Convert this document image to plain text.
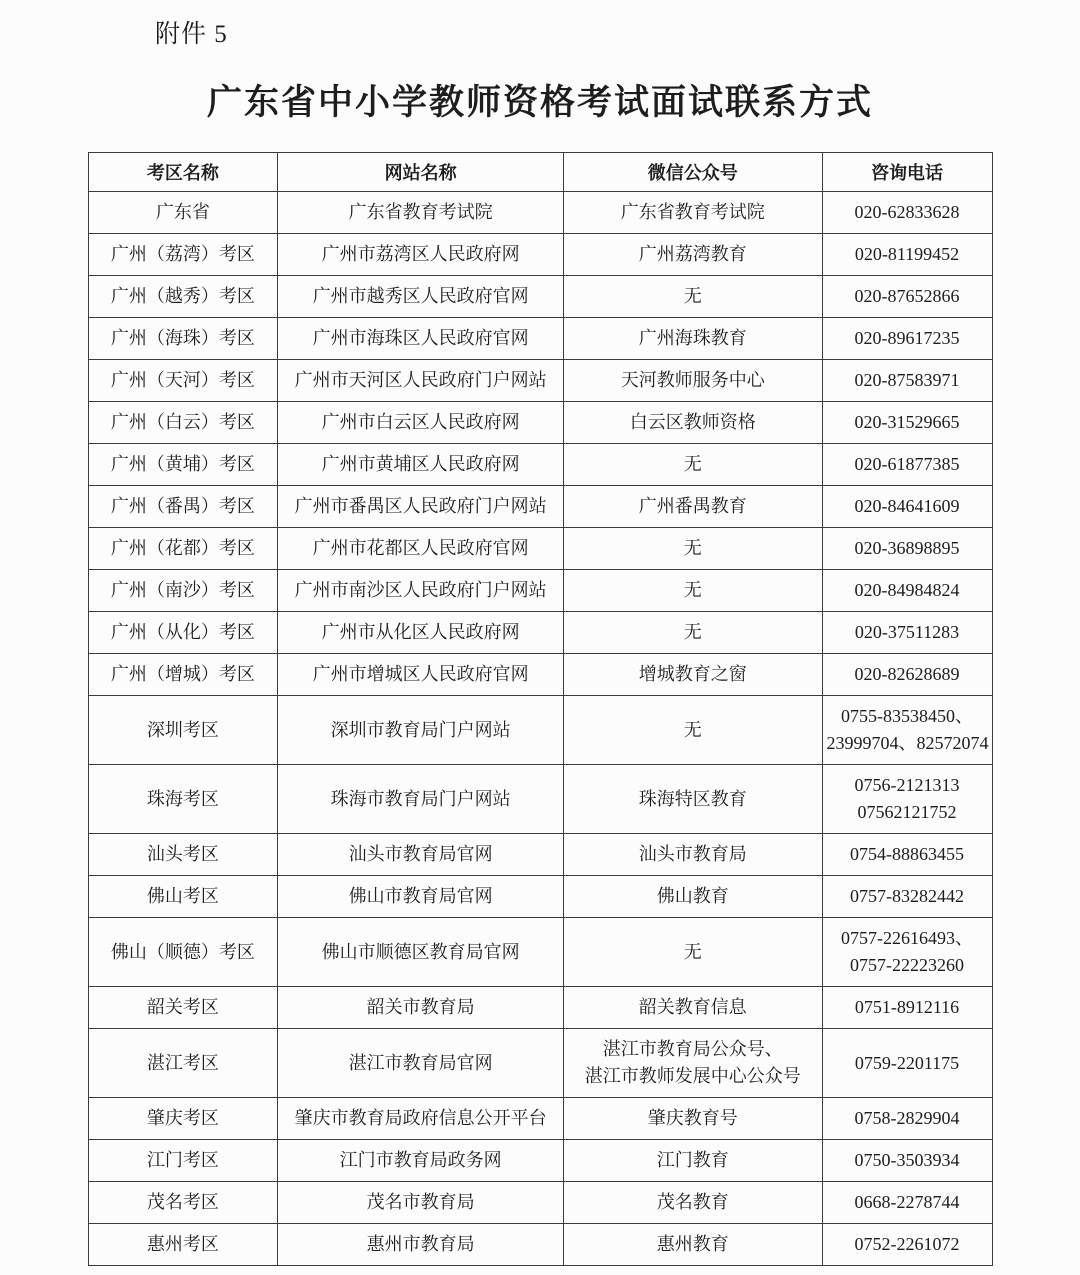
附件 5
广东省中小学教师资格考试面试联系方式
考区名称	网站名称	微信公众号	咨询电话

广东省	广东省教育考试院	广东省教育考试院	020-62833628

广州（荔湾）考区	广州市荔湾区人民政府网	广州荔湾教育	020-81199452

广州（越秀）考区	广州市越秀区人民政府官网	无	020-87652866

广州（海珠）考区	广州市海珠区人民政府官网	广州海珠教育	020-89617235

广州（天河）考区	广州市天河区人民政府门户网站	天河教师服务中心	020-87583971

广州（白云）考区	广州市白云区人民政府网	白云区教师资格	020-31529665

广州（黄埔）考区	广州市黄埔区人民政府网	无	020-61877385

广州（番禺）考区	广州市番禺区人民政府门户网站	广州番禺教育	020-84641609

广州（花都）考区	广州市花都区人民政府官网	无	020-36898895

广州（南沙）考区	广州市南沙区人民政府门户网站	无	020-84984824

广州（从化）考区	广州市从化区人民政府网	无	020-37511283

广州（增城）考区	广州市增城区人民政府官网	增城教育之窗	020-82628689

深圳考区	深圳市教育局门户网站	无	0755-83538450、
23999704、82572074

珠海考区	珠海市教育局门户网站	珠海特区教育	0756-2121313
07562121752

汕头考区	汕头市教育局官网	汕头市教育局	0754-88863455

佛山考区	佛山市教育局官网	佛山教育	0757-83282442

佛山（顺德）考区	佛山市顺德区教育局官网	无	0757-22616493、
0757-22223260

韶关考区	韶关市教育局	韶关教育信息	0751-8912116

湛江考区	湛江市教育局官网	湛江市教育局公众号、
湛江市教师发展中心公众号	0759-2201175

肇庆考区	肇庆市教育局政府信息公开平台	肇庆教育号	0758-2829904

江门考区	江门市教育局政务网	江门教育	0750-3503934

茂名考区	茂名市教育局	茂名教育	0668-2278744

惠州考区	惠州市教育局	惠州教育	0752-2261072
